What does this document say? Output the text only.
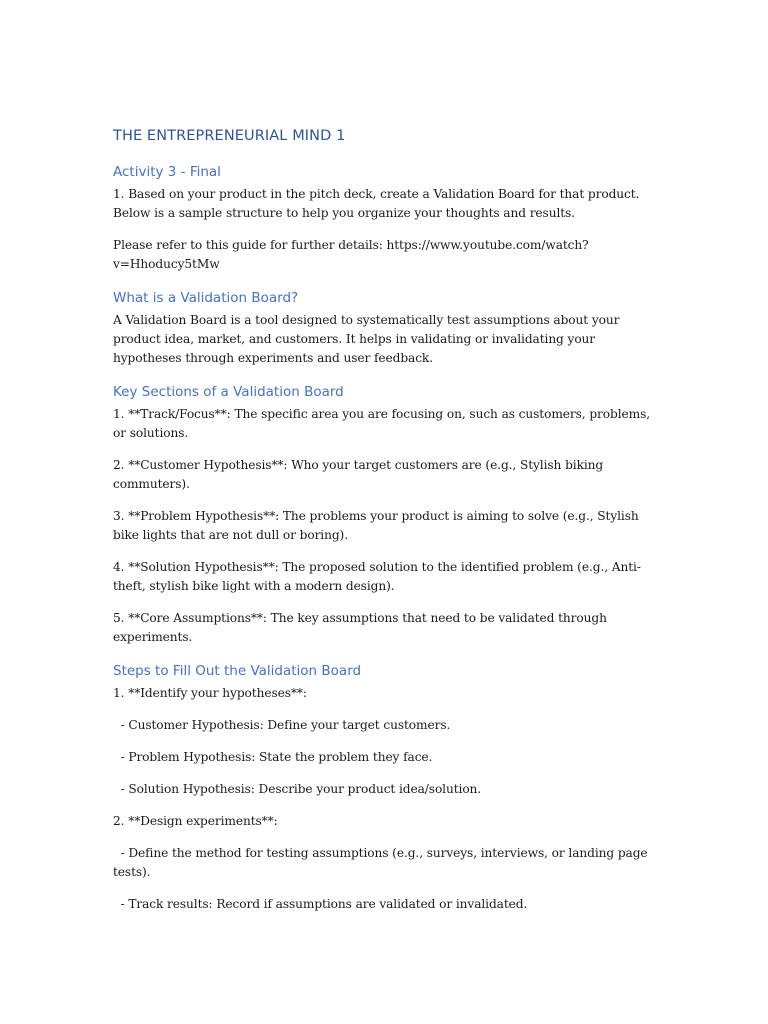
THE ENTREPRENEURIAL MIND 1
Activity 3 - Final

1. Based on your product in the pitch deck, create a Validation Board for that product. Below is a sample structure to help you organize your thoughts and results.

Please refer to this guide for further details: https://www.youtube.com/watch?v=Hhoducy5tMw

What is a Validation Board?

A Validation Board is a tool designed to systematically test assumptions about your product idea, market, and customers. It helps in validating or invalidating your hypotheses through experiments and user feedback.

Key Sections of a Validation Board

1. **Track/Focus**: The specific area you are focusing on, such as customers, problems, or solutions.

2. **Customer Hypothesis**: Who your target customers are (e.g., Stylish biking commuters).

3. **Problem Hypothesis**: The problems your product is aiming to solve (e.g., Stylish bike lights that are not dull or boring).

4. **Solution Hypothesis**: The proposed solution to the identified problem (e.g., Anti-theft, stylish bike light with a modern design).

5. **Core Assumptions**: The key assumptions that need to be validated through experiments.

Steps to Fill Out the Validation Board

1. **Identify your hypotheses**:

- Customer Hypothesis: Define your target customers.

- Problem Hypothesis: State the problem they face.

- Solution Hypothesis: Describe your product idea/solution.

2. **Design experiments**:

- Define the method for testing assumptions (e.g., surveys, interviews, or landing page tests).

- Track results: Record if assumptions are validated or invalidated.
